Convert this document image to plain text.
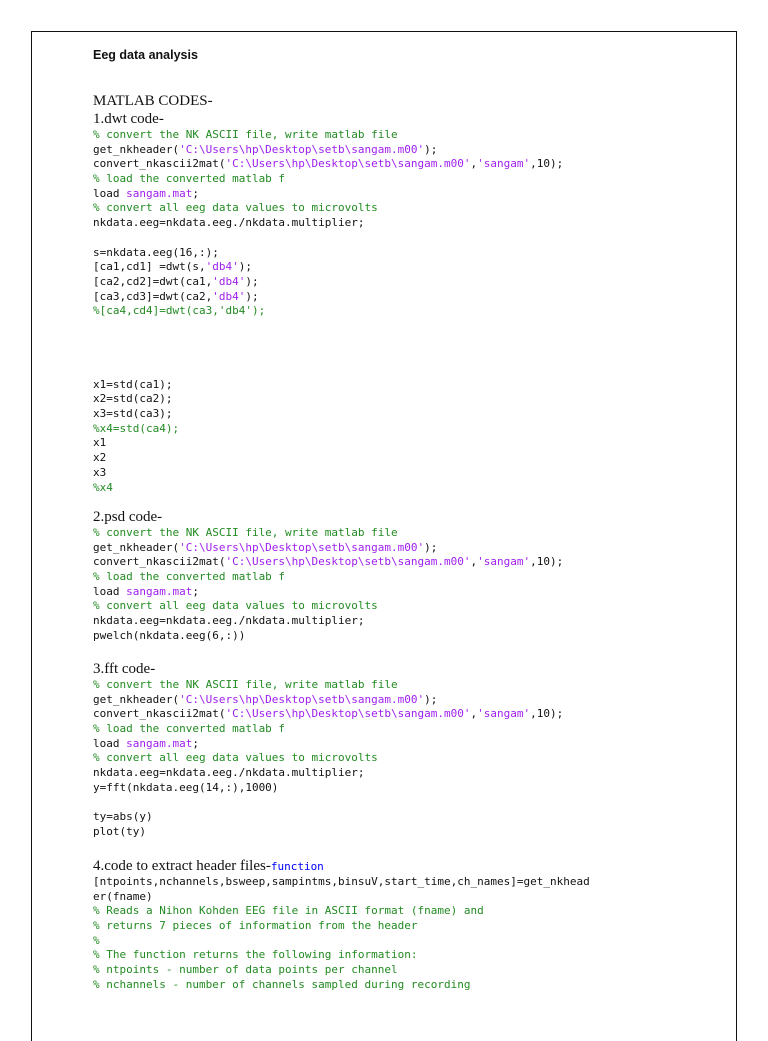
Eeg data analysis
MATLAB CODES-
1.dwt code-
% convert the NK ASCII file, write matlab file
get_nkheader('C:\Users\hp\Desktop\setb\sangam.m00');
convert_nkascii2mat('C:\Users\hp\Desktop\setb\sangam.m00','sangam',10);
% load the converted matlab f
load sangam.mat;
% convert all eeg data values to microvolts
nkdata.eeg=nkdata.eeg./nkdata.multiplier;
s=nkdata.eeg(16,:);
[ca1,cd1] =dwt(s,'db4');
[ca2,cd2]=dwt(ca1,'db4');
[ca3,cd3]=dwt(ca2,'db4');
%[ca4,cd4]=dwt(ca3,'db4');
x1=std(ca1);
x2=std(ca2);
x3=std(ca3);
%x4=std(ca4);
x1
x2
x3
%x4
2.psd code-
% convert the NK ASCII file, write matlab file
get_nkheader('C:\Users\hp\Desktop\setb\sangam.m00');
convert_nkascii2mat('C:\Users\hp\Desktop\setb\sangam.m00','sangam',10);
% load the converted matlab f
load sangam.mat;
% convert all eeg data values to microvolts
nkdata.eeg=nkdata.eeg./nkdata.multiplier;
pwelch(nkdata.eeg(6,:))
3.fft code-
% convert the NK ASCII file, write matlab file
get_nkheader('C:\Users\hp\Desktop\setb\sangam.m00');
convert_nkascii2mat('C:\Users\hp\Desktop\setb\sangam.m00','sangam',10);
% load the converted matlab f
load sangam.mat;
% convert all eeg data values to microvolts
nkdata.eeg=nkdata.eeg./nkdata.multiplier;
y=fft(nkdata.eeg(14,:),1000)
ty=abs(y)
plot(ty)
4.code to extract header files-function
[ntpoints,nchannels,bsweep,sampintms,binsuV,start_time,ch_names]=get_nkhead
er(fname)
% Reads a Nihon Kohden EEG file in ASCII format (fname) and
% returns 7 pieces of information from the header
%
% The function returns the following information:
% ntpoints - number of data points per channel
% nchannels - number of channels sampled during recording
